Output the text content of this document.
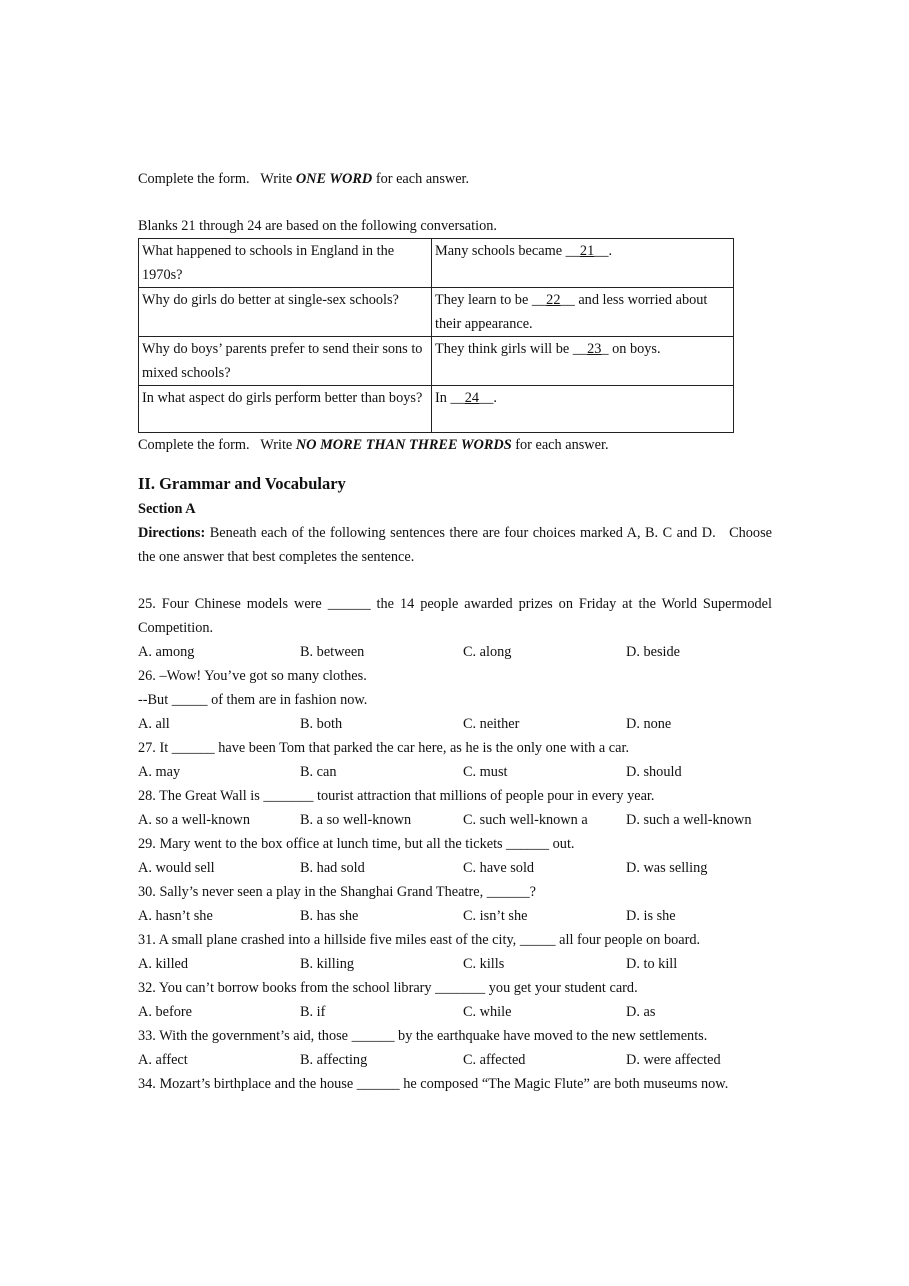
Complete the form.   Write ONE WORD for each answer.
Blanks 21 through 24 are based on the following conversation.
What happened to schools in England in the 1970s?	Many schools became __21__.
Why do girls do better at single-sex schools?	They learn to be __22__ and less worried about their appearance.
Why do boys’ parents prefer to send their sons to mixed schools?	They think girls will be __23_ on boys.
In what aspect do girls perform better than boys?	In __24__.
Complete the form.   Write NO MORE THAN THREE WORDS for each answer.
II. Grammar and Vocabulary
Section A
Directions: Beneath each of the following sentences there are four choices marked A, B. C and D.   Choose the one answer that best completes the sentence.
25. Four Chinese models were ______ the 14 people awarded prizes on Friday at the World Supermodel Competition.
A. among	B. between	C. along	D. beside
26. –Wow! You’ve got so many clothes.
--But _____ of them are in fashion now.
A. all	B. both	C. neither	D. none
27. It ______ have been Tom that parked the car here, as he is the only one with a car.
A. may	B. can	C. must	D. should
28. The Great Wall is _______ tourist attraction that millions of people pour in every year.
A. so a well-known	B. a so well-known	C. such well-known a	D. such a well-known
29. Mary went to the box office at lunch time, but all the tickets ______ out.
A. would sell	B. had sold	C. have sold	D. was selling
30. Sally’s never seen a play in the Shanghai Grand Theatre, ______?
A. hasn’t she	B. has she	C. isn’t she	D. is she
31. A small plane crashed into a hillside five miles east of the city, _____ all four people on board.
A. killed	B. killing	C. kills	D. to kill
32. You can’t borrow books from the school library _______ you get your student card.
A. before	B. if	C. while	D. as
33. With the government’s aid, those ______ by the earthquake have moved to the new settlements.
A. affect	B. affecting	C. affected	D. were affected
34. Mozart’s birthplace and the house ______ he composed “The Magic Flute” are both museums now.
